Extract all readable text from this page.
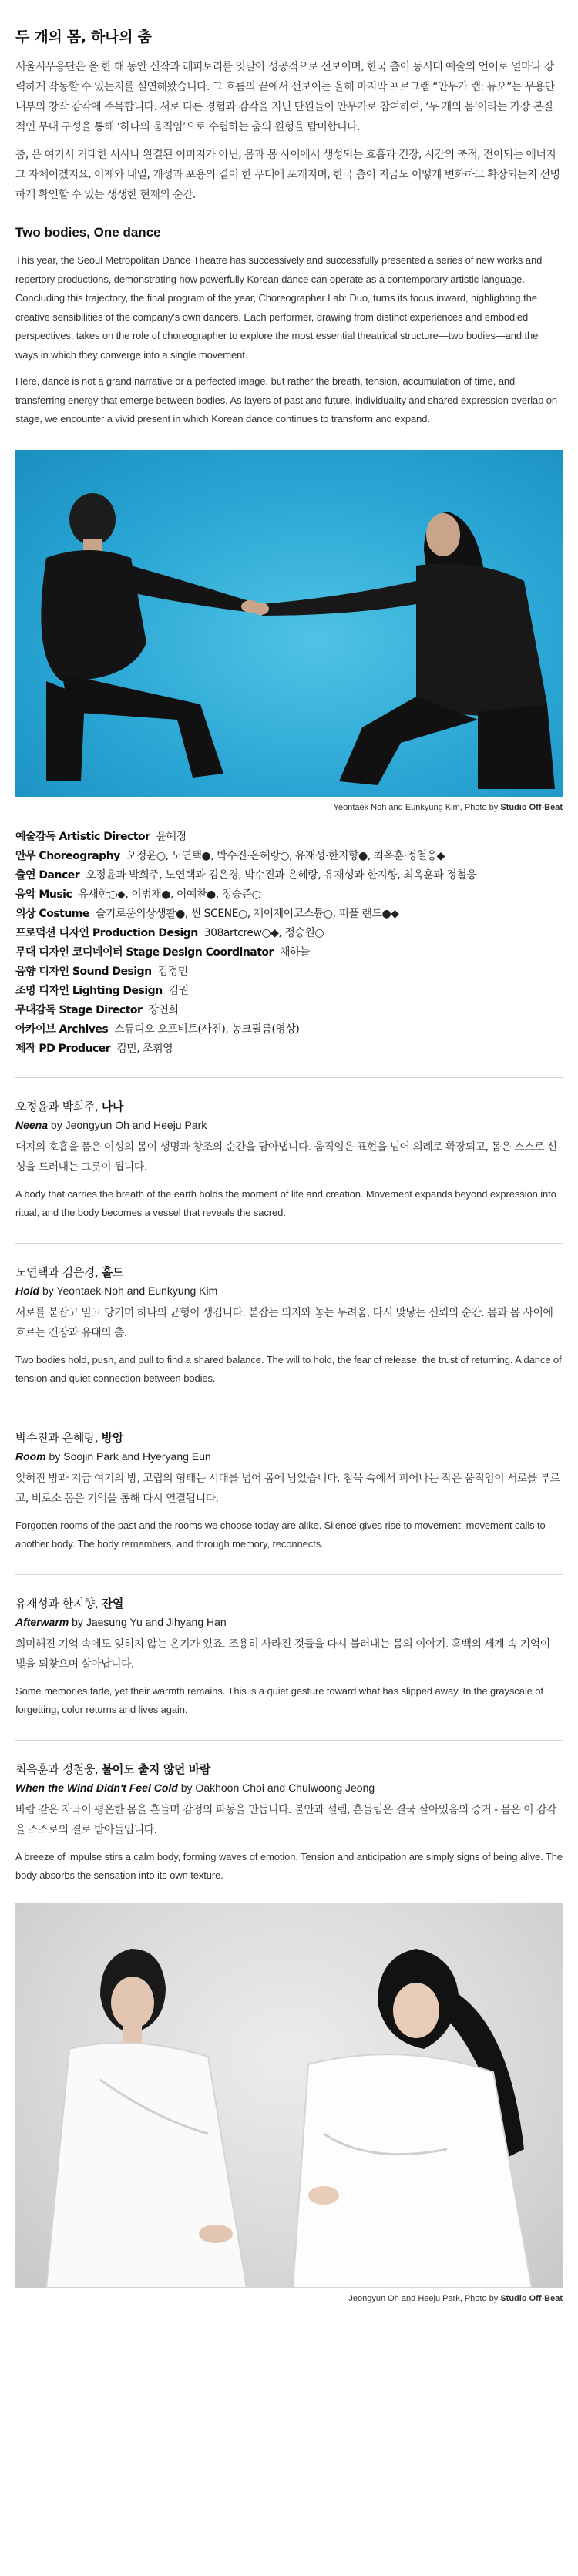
두 개의 몸, 하나의 춤

서울시무용단은 올 한 해 동안 신작과 레퍼토리를 잇달아 성공적으로 선보이며, 한국 춤이 동시대 예술의 언어로 얼마나 강력하게 작동할 수 있는지를 실연해왔습니다. 그 흐름의 끝에서 선보이는 올해 마지막 프로그램 “안무가 랩: 듀오”는 무용단 내부의 창작 감각에 주목합니다. 서로 다른 경험과 감각을 지닌 단원들이 안무가로 참여하여, ‘두 개의 몸’이라는 가장 본질적인 무대 구성을 통해 ‘하나의 움직임’으로 수렴하는 춤의 원형을 탐미합니다.

춤, 은 여기서 거대한 서사나 완결된 이미지가 아닌, 몸과 몸 사이에서 생성되는 호흡과 긴장, 시간의 축적, 전이되는 에너지 그 자체이겠지요. 어제와 내일, 개성과 포용의 결이 한 무대에 포개지며, 한국 춤이 지금도 어떻게 변화하고 확장되는지 선명하게 확인할 수 있는 생생한 현재의 순간.

Two bodies, One dance

This year, the Seoul Metropolitan Dance Theatre has successively and successfully presented a series of new works and repertory productions, demonstrating how powerfully Korean dance can operate as a contemporary artistic language. Concluding this trajectory, the final program of the year, Choreographer Lab: Duo, turns its focus inward, highlighting the creative sensibilities of the company's own dancers. Each performer, drawing from distinct experiences and embodied perspectives, takes on the role of choreographer to explore the most essential theatrical structure—two bodies—and the ways in which they converge into a single movement.

Here, dance is not a grand narrative or a perfected image, but rather the breath, tension, accumulation of time, and transferring energy that emerge between bodies. As layers of past and future, individuality and shared expression overlap on stage, we encounter a vivid present in which Korean dance continues to transform and expand.

Yeontaek Noh and Eunkyung Kim, Photo by Studio Off-Beat
예술감독 Artistic Director 윤혜정
안무 Choreography 오정윤○, 노연택●, 박수진·은혜랑○, 유재성·한지향●, 최옥훈·정철웅◆
출연 Dancer 오정윤과 박희주, 노연택과 김은경, 박수진과 은혜랑, 유재성과 한지향, 최옥훈과 정철웅
음악 Music 유새한○◆, 이범재●, 이예찬●, 정승준○
의상 Costume 슬기로운의상생활●, 씬 SCENE○, 제이제이코스튬○, 퍼플 랜드●◆
프로덕션 디자인 Production Design 308artcrew○◆, 정승원○
무대 디자인 코디네이터 Stage Design Coordinator 채하늘
음향 디자인 Sound Design 김경민
조명 디자인 Lighting Design 김권
무대감독 Stage Director 장연희
아카이브 Archives 스튜디오 오프비트(사진), 농크필름(영상)
제작 PD Producer 김민, 조휘영
오정윤과 박희주, 나나
Neena by Jeongyun Oh and Heeju Park

대지의 호흡을 품은 여성의 몸이 생명과 창조의 순간을 담아냅니다. 움직임은 표현을 넘어 의례로 확장되고, 몸은 스스로 신성을 드러내는 그릇이 됩니다.

A body that carries the breath of the earth holds the moment of life and creation. Movement expands beyond expression into ritual, and the body becomes a vessel that reveals the sacred.

노연택과 김은경, 홀드
Hold by Yeontaek Noh and Eunkyung Kim

서로를 붙잡고 밀고 당기며 하나의 균형이 생깁니다. 붙잡는 의지와 놓는 두려움, 다시 맞닿는 신뢰의 순간. 몸과 몸 사이에 흐르는 긴장과 유대의 춤.

Two bodies hold, push, and pull to find a shared balance. The will to hold, the fear of release, the trust of returning. A dance of tension and quiet connection between bodies.

박수진과 은혜랑, 방앙
Room by Soojin Park and Hyeryang Eun

잊혀진 방과 지금 여기의 방, 고립의 형태는 시대를 넘어 몸에 남았습니다. 침묵 속에서 피어나는 작은 움직임이 서로를 부르고, 비로소 몸은 기억을 통해 다시 연결됩니다.

Forgotten rooms of the past and the rooms we choose today are alike. Silence gives rise to movement; movement calls to another body. The body remembers, and through memory, reconnects.

유재성과 한지향, 잔열
Afterwarm by Jaesung Yu and Jihyang Han

희미해진 기억 속에도 잊히지 않는 온기가 있죠. 조용히 사라진 것들을 다시 불러내는 몸의 이야기. 흑백의 세계 속 기억이 빛을 되찾으며 살아납니다.

Some memories fade, yet their warmth remains. This is a quiet gesture toward what has slipped away. In the grayscale of forgetting, color returns and lives again.

최옥훈과 정철웅, 불어도 출지 않던 바람
When the Wind Didn't Feel Cold by Oakhoon Choi and Chulwoong Jeong

바람 같은 자극이 평온한 몸을 흔들며 감정의 파동을 만듭니다. 불안과 설렘, 흔들림은 결국 살아있음의 증거 - 몸은 이 감각을 스스로의 결로 받아들입니다.

A breeze of impulse stirs a calm body, forming waves of emotion. Tension and anticipation are simply signs of being alive. The body absorbs the sensation into its own texture.

Jeongyun Oh and Heeju Park, Photo by Studio Off-Beat
